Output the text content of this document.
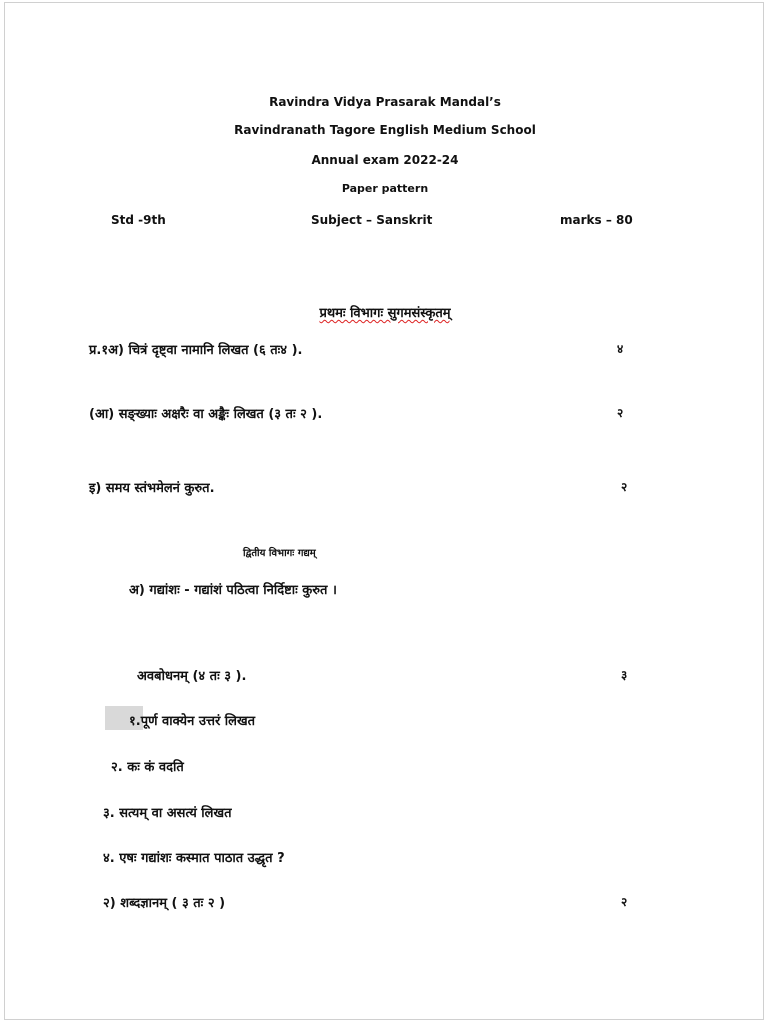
Ravindra Vidya Prasarak Mandal’s
Ravindranath Tagore English Medium School
Annual exam 2022-24
Paper pattern
Std -9th	Subject – Sanskrit	marks – 80
प्रथमः विभागः सुगमसंस्कृतम्
प्र.१अ) चित्रं दृष्ट्वा नामानि लिखत (६ तः४ ).	४
(आ) सङ्ख्याः अक्षरैः वा अङ्कैः लिखत (३ तः २ ).	२
इ) समय स्तंभमेलनं कुरुत.	२
द्वितीय विभागः गद्यम्
अ) गद्यांशः - गद्यांशं पठित्वा निर्दिष्टाः कुरुत ।
अवबोधनम् (४ तः ३ ).	३
१.पूर्ण वाक्येन उत्तरं लिखत
२. कः कं वदति
३. सत्यम् वा असत्यं लिखत
४. एषः गद्यांशः कस्मात पाठात उद्धृत ?
२) शब्दज्ञानम् ( ३ तः २ )	२
